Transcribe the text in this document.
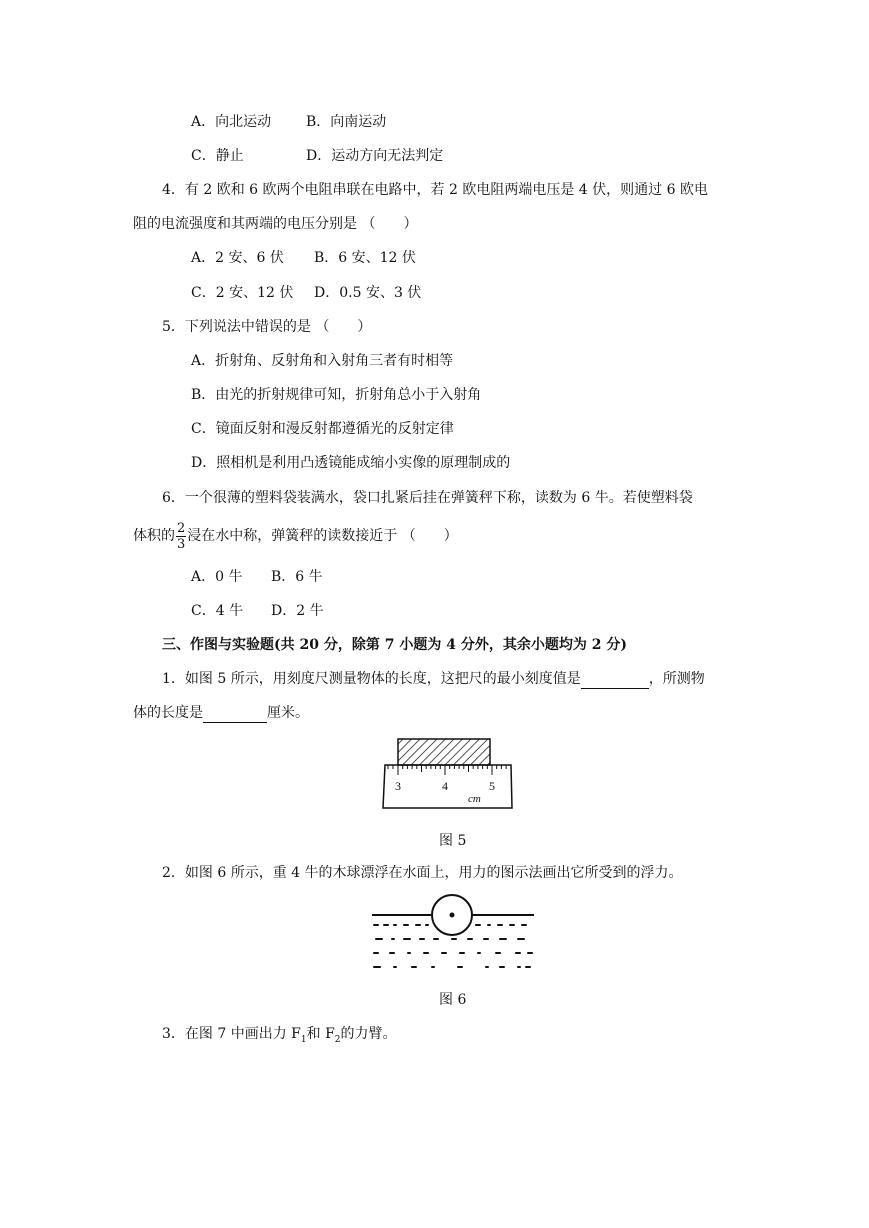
A．向北运动 B．向南运动
C．静止	D．运动方向无法判定
4．有 2 欧和 6 欧两个电阻串联在电路中，若 2 欧电阻两端电压是 4 伏，则通过 6 欧电
阻的电流强度和其两端的电压分别是 （　　）
A．2 安、6 伏 B．6 安、12 伏
C．2 安、12 伏 D．0.5 安、3 伏
5．下列说法中错误的是 （　　）
A．折射角、反射角和入射角三者有时相等
B．由光的折射规律可知，折射角总小于入射角
C．镜面反射和漫反射都遵循光的反射定律
D．照相机是利用凸透镜能成缩小实像的原理制成的
6．一个很薄的塑料袋装满水，袋口扎紧后挂在弹簧秤下称，读数为 6 牛。若使塑料袋
体积的 $\frac{2}{3}$ 浸在水中称，弹簧秤的读数接近于 （　　）
A．0 牛 B．6 牛
C．4 牛 D．2 牛
三、作图与实验题(共 20 分，除第 7 小题为 4 分外，其余小题均为 2 分)
1．如图 5 所示，用刻度尺测量物体的长度，这把尺的最小刻度值是	，所测物
体的长度是	厘米。
3	4	5
cm
图 5
2．如图 6 所示，重 4 牛的木球漂浮在水面上，用力的图示法画出它所受到的浮力。
图 6
3．在图 7 中画出力 $F_1$和 $F_2$的力臂。
